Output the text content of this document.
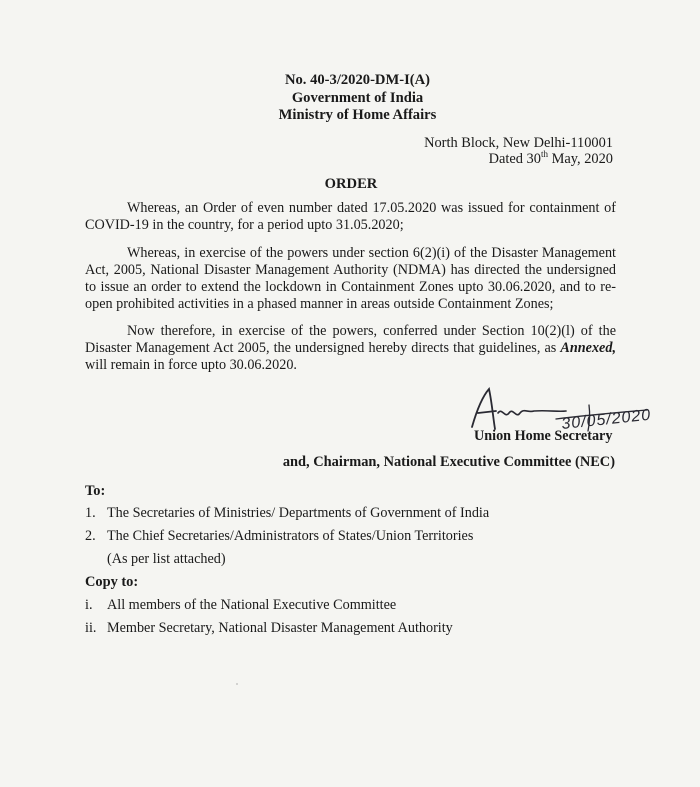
No. 40-3/2020-DM-I(A)
Government of India
Ministry of Home Affairs
North Block, New Delhi-110001
Dated 30th May, 2020
ORDER
Whereas, an Order of even number dated 17.05.2020 was issued for containment of COVID-19 in the country, for a period upto 31.05.2020;
Whereas, in exercise of the powers under section 6(2)(i) of the Disaster Management Act, 2005, National Disaster Management Authority (NDMA) has directed the undersigned to issue an order to extend the lockdown in Containment Zones upto 30.06.2020, and to re-open prohibited activities in a phased manner in areas outside Containment Zones;
Now therefore, in exercise of the powers, conferred under Section 10(2)(l) of the Disaster Management Act 2005, the undersigned hereby directs that guidelines, as Annexed, will remain in force upto 30.06.2020.
30/05/2020
Union Home Secretary
and, Chairman, National Executive Committee (NEC)
To:
1. The Secretaries of Ministries/ Departments of Government of India
2. The Chief Secretaries/Administrators of States/Union Territories
(As per list attached)
Copy to:
i. All members of the National Executive Committee
ii. Member Secretary, National Disaster Management Authority
